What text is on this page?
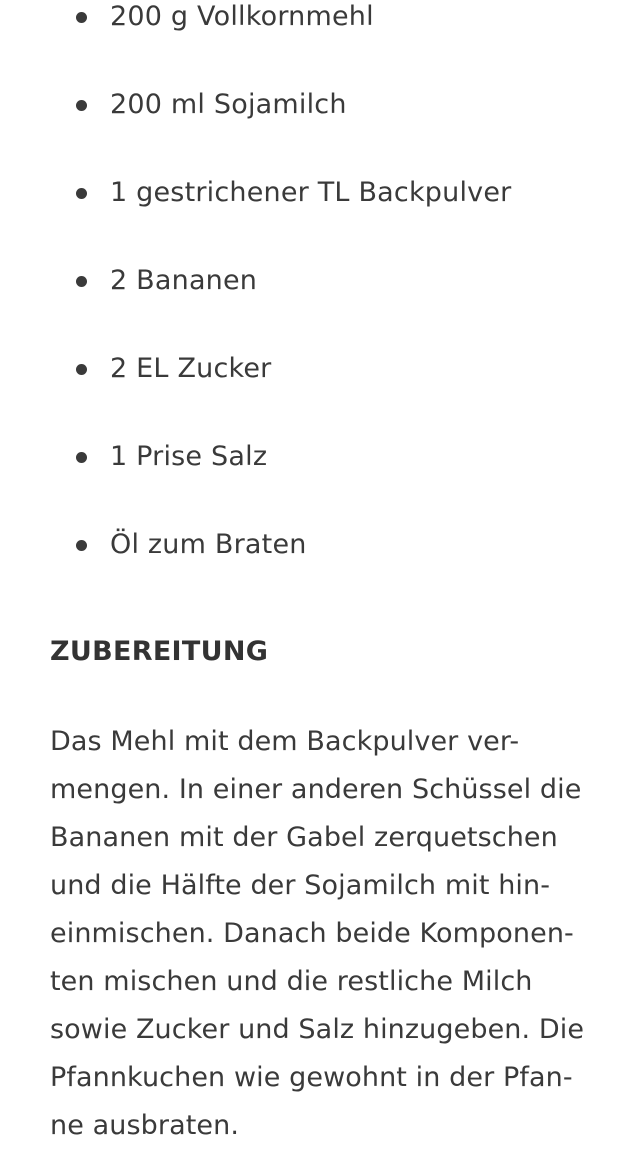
200 g Vollkornmehl
200 ml Sojamilch
1 gestrichener TL Backpulver
2 Bananen
2 EL Zucker
1 Prise Salz
Öl zum Braten
ZUBEREITUNG

Das Mehl mit dem Backpulver ver-
mengen. In einer anderen Schüssel die
Bananen mit der Gabel zerquetschen
und die Hälfte der Sojamilch mit hin-
einmischen. Danach beide Komponen-
ten mischen und die restliche Milch
sowie Zucker und Salz hinzugeben. Die
Pfannkuchen wie gewohnt in der Pfan-
ne ausbraten.
